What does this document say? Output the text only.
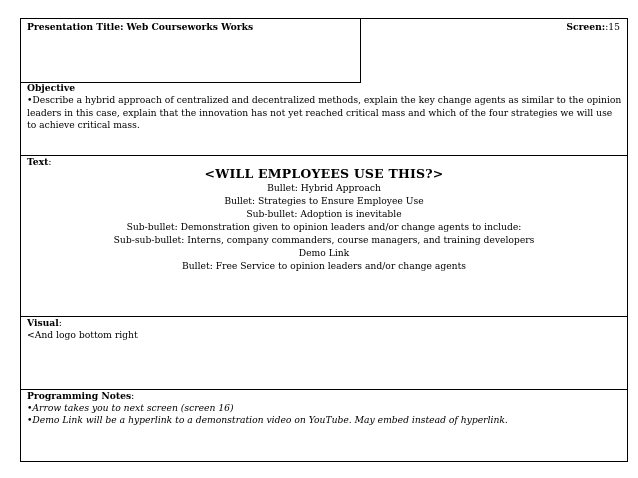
Presentation Title: Web Courseworks Works	Screen::15
Objective
•Describe a hybrid approach of centralized and decentralized methods, explain the key change agents as similar to the opinion leaders in this case, explain that the innovation has not yet reached critical mass and which of the four strategies we will use to achieve critical mass.
Text:
<WILL EMPLOYEES USE THIS?>
Bullet: Hybrid Approach
Bullet: Strategies to Ensure Employee Use
Sub-bullet: Adoption is inevitable
Sub-bullet: Demonstration given to opinion leaders and/or change agents to include:
Sub-sub-bullet: Interns, company commanders, course managers, and training developers
Demo Link
Bullet: Free Service to opinion leaders and/or change agents
Visual:
<And logo bottom right
Programming Notes:
•Arrow takes you to next screen (screen 16)
•Demo Link will be a hyperlink to a demonstration video on YouTube. May embed instead of hyperlink.
